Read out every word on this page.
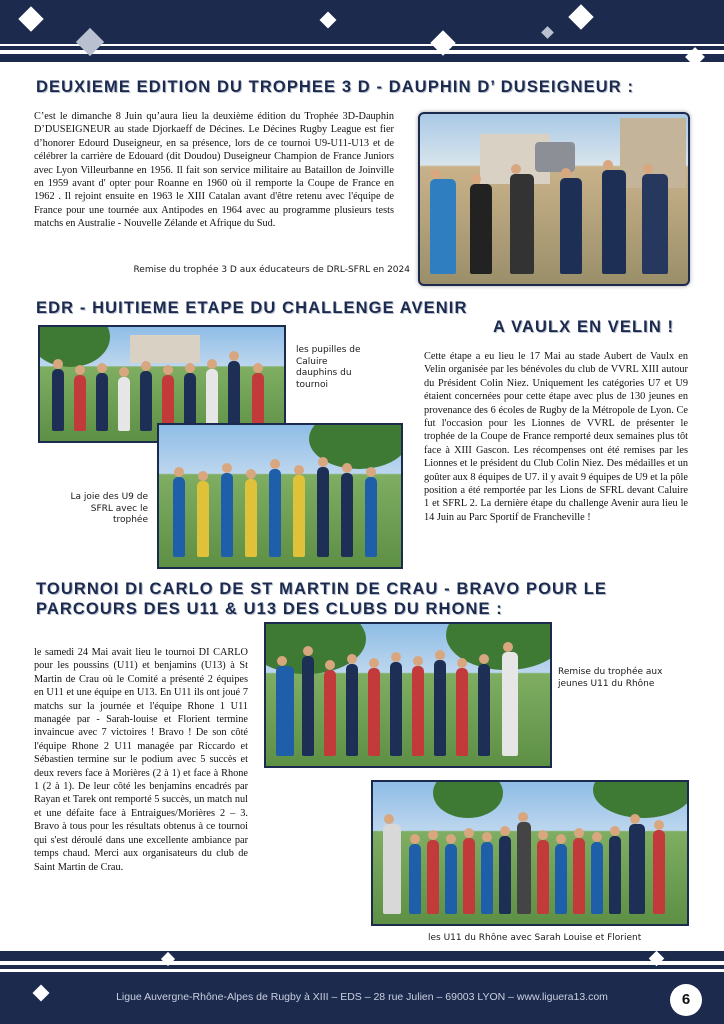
DEUXIEME EDITION DU TROPHEE 3 D - DAUPHIN D’ DUSEIGNEUR :

C’est le dimanche 8 Juin qu’aura lieu la deuxième édition du Trophée 3D-Dauphin D’DUSEIGNEUR au stade Djorkaeff de Décines. Le Décines Rugby League est fier d’honorer Edourd Duseigneur, en sa présence, lors de ce tournoi U9-U11-U13 et de célébrer la carrière de Edouard (dit Doudou) Duseigneur Champion de France Juniors avec Lyon Villeurbanne en 1956. Il fait son service militaire au Bataillon de Joinville en 1959 avant d' opter pour Roanne en 1960 où il remporte la Coupe de France en 1962 . Il rejoint ensuite en 1963 le XIII Catalan avant d'être retenu avec l'équipe de France pour une tournée aux Antipodes en 1964 avec au programme plusieurs tests matchs en Australie - Nouvelle Zélande et Afrique du Sud.

Remise du trophée 3 D aux éducateurs de DRL-SFRL en 2024
EDR - HUITIEME ETAPE DU CHALLENGE AVENIR
A VAULX EN VELIN !
les pupilles de Caluire dauphins du tournoi
La joie des U9 de SFRL avec le trophée

Cette étape a eu lieu le 17 Mai au stade Aubert de Vaulx en Velin organisée par les bénévoles du club de VVRL XIII autour du Président Colin Niez. Uniquement les catégories U7 et U9 étaient concernées pour cette étape avec plus de 130 jeunes en provenance des 6 écoles de Rugby de la Métropole de Lyon. Ce fut l'occasion pour les Lionnes de VVRL de présenter le trophée de la Coupe de France remporté deux semaines plus tôt face à XIII Gascon. Les récompenses ont été remises par les Lionnes et le président du Club Colin Niez. Des médailles et un goûter aux 8 équipes de U7. il y avait 9 équipes de U9 et la pôle position a été remportée par les Lions de SFRL devant Caluire 1 et SFRL 2. La dernière étape du challenge Avenir aura lieu le 14 Juin au Parc Sportif de Francheville !

TOURNOI DI CARLO DE ST MARTIN DE CRAU - BRAVO POUR LE
PARCOURS DES U11 & U13 DES CLUBS DU RHONE :

le samedi 24 Mai avait lieu le tournoi DI CARLO pour les poussins (U11) et benjamins (U13) à St Martin de Crau où le Comité a présenté 2 équipes en U11 et une équipe en U13. En U11 ils ont joué 7 matchs sur la journée et l'équipe Rhone 1 U11 managée par - Sarah-louise et Florient termine invaincue avec 7 victoires ! Bravo ! De son côté l'équipe Rhone 2 U11 managée par Riccardo et Sébastien termine sur le podium avec 5 succès et deux revers face à Morières (2 à 1) et face à Rhone 1 (2 à 1). De leur côté les benjamins encadrés par Rayan et Tarek ont remporté 5 succès, un match nul et une défaite face à Entraigues/Morières 2 – 3. Bravo à tous pour les résultats obtenus à ce tournoi qui s'est déroulé dans une excellente ambiance par temps chaud. Merci aux organisateurs du club de Saint Martin de Crau.

Remise du trophée aux jeunes U11 du Rhône
les U11 du Rhône avec Sarah Louise et Florient
Ligue Auvergne-Rhône-Alpes de Rugby à XIII – EDS – 28 rue Julien – 69003 LYON – www.liguera13.com	6
